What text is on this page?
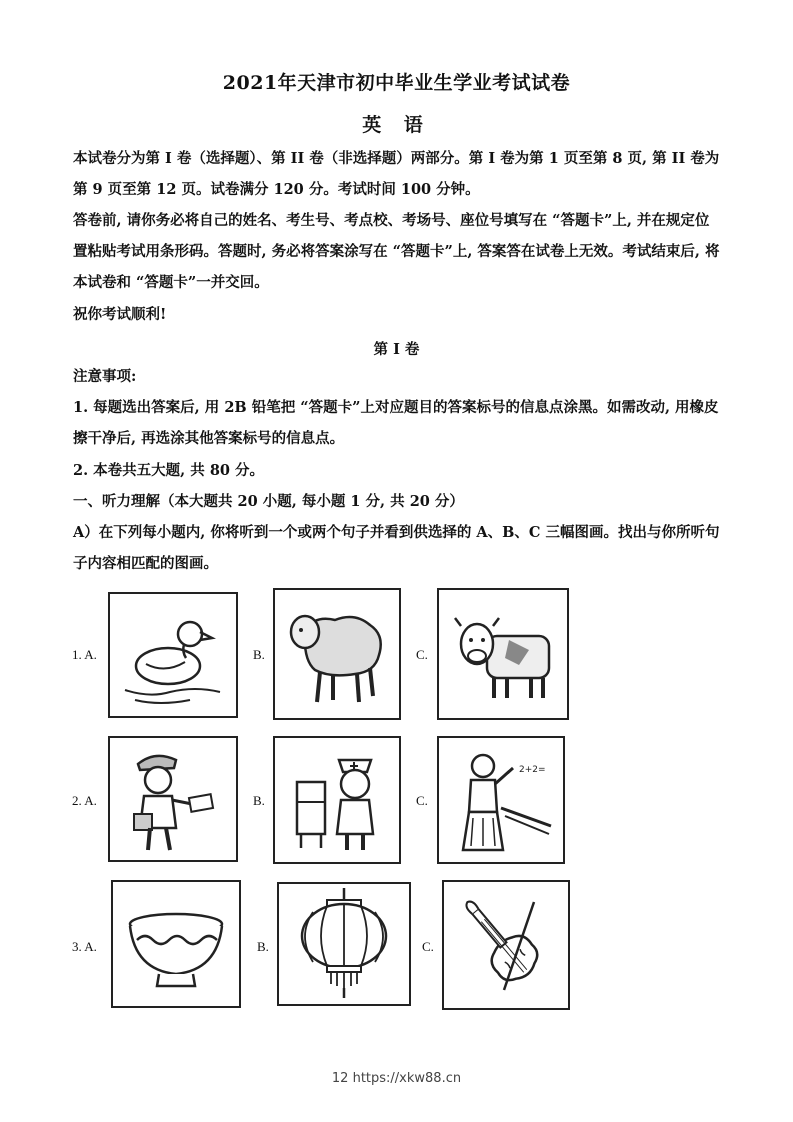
2021年天津市初中毕业生学业考试试卷
英 语
本试卷分为第 I 卷（选择题）、第 II 卷（非选择题）两部分。第 I 卷为第 1 页至第 8 页, 第 II 卷为第 9 页至第 12 页。试卷满分 120 分。考试时间 100 分钟。
答卷前, 请你务必将自己的姓名、考生号、考点校、考场号、座位号填写在 “答题卡”上, 并在规定位置粘贴考试用条形码。答题时, 务必将答案涂写在 “答题卡”上, 答案答在试卷上无效。考试结束后, 将本试卷和 “答题卡”一并交回。
祝你考试顺利!
第 I 卷
注意事项:
1. 每题选出答案后, 用 2B 铅笔把 “答题卡”上对应题目的答案标号的信息点涂黑。如需改动, 用橡皮擦干净后, 再选涂其他答案标号的信息点。
2. 本卷共五大题, 共 80 分。
一、听力理解（本大题共 20 小题, 每小题 1 分, 共 20 分）
A）在下列每小题内, 你将听到一个或两个句子并看到供选择的 A、B、C 三幅图画。找出与你所听句子内容相匹配的图画。
1. A.	B.	C.
2. A.	B.	C.
2+2=
3. A.	B.	C.
12 https://xkw88.cn
